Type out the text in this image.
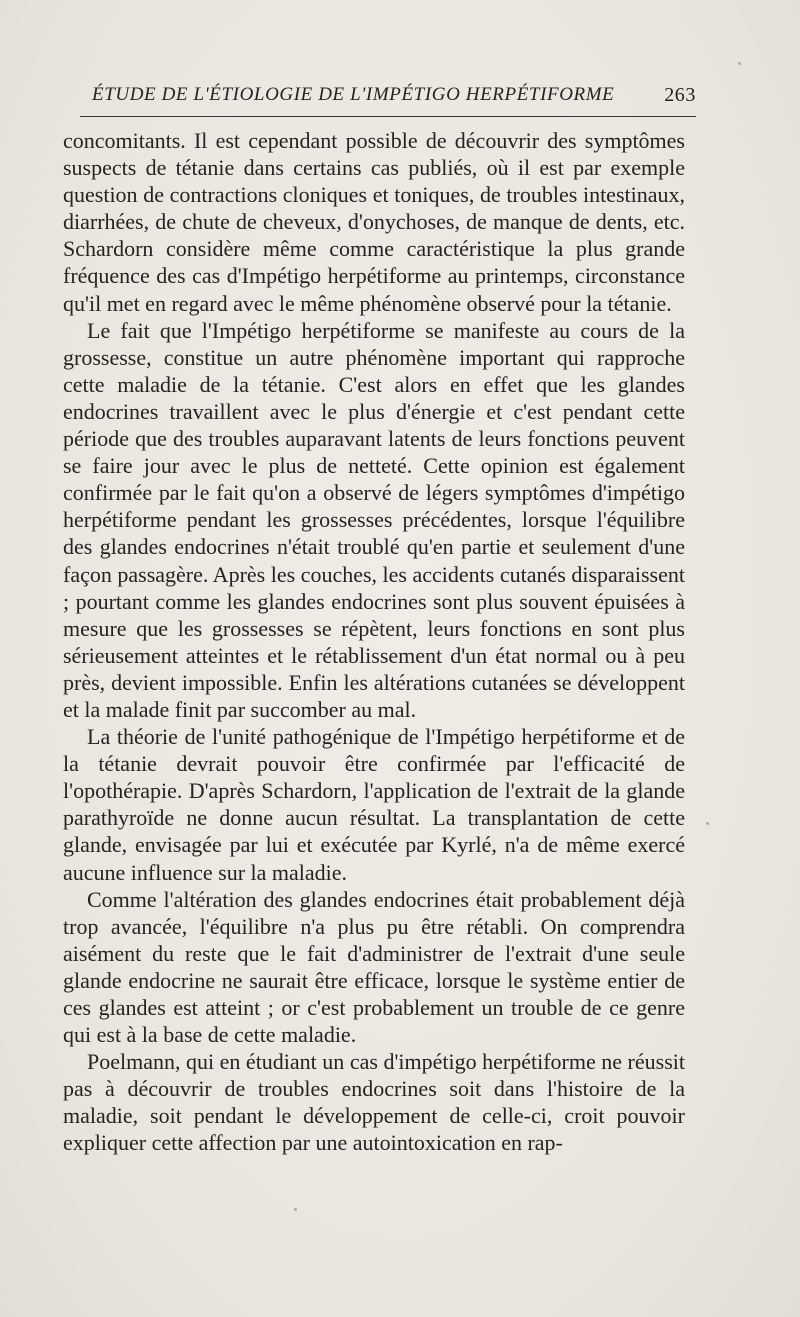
ÉTUDE DE L'ÉTIOLOGIE DE L'IMPÉTIGO HERPÉTIFORME 263

concomitants. Il est cependant possible de découvrir des symptômes suspects de tétanie dans certains cas publiés, où il est par exemple question de contractions cloniques et toniques, de troubles intestinaux, diarrhées, de chute de cheveux, d'onychoses, de manque de dents, etc. Schardorn considère même comme caractéristique la plus grande fréquence des cas d'Impétigo herpétiforme au printemps, circonstance qu'il met en regard avec le même phénomène observé pour la tétanie.

Le fait que l'Impétigo herpétiforme se manifeste au cours de la grossesse, constitue un autre phénomène important qui rapproche cette maladie de la tétanie. C'est alors en effet que les glandes endocrines travaillent avec le plus d'énergie et c'est pendant cette période que des troubles auparavant latents de leurs fonctions peuvent se faire jour avec le plus de netteté. Cette opinion est également confirmée par le fait qu'on a observé de légers symptômes d'impétigo herpétiforme pendant les grossesses précédentes, lorsque l'équilibre des glandes endocrines n'était troublé qu'en partie et seulement d'une façon passagère. Après les couches, les accidents cutanés disparaissent ; pourtant comme les glandes endocrines sont plus souvent épuisées à mesure que les grossesses se répètent, leurs fonctions en sont plus sérieusement atteintes et le rétablissement d'un état normal ou à peu près, devient impossible. Enfin les altérations cutanées se développent et la malade finit par succomber au mal.

La théorie de l'unité pathogénique de l'Impétigo herpétiforme et de la tétanie devrait pouvoir être confirmée par l'efficacité de l'opothérapie. D'après Schardorn, l'application de l'extrait de la glande parathyroïde ne donne aucun résultat. La transplantation de cette glande, envisagée par lui et exécutée par Kyrlé, n'a de même exercé aucune influence sur la maladie.

Comme l'altération des glandes endocrines était probablement déjà trop avancée, l'équilibre n'a plus pu être rétabli. On comprendra aisément du reste que le fait d'administrer de l'extrait d'une seule glande endocrine ne saurait être efficace, lorsque le système entier de ces glandes est atteint ; or c'est probablement un trouble de ce genre qui est à la base de cette maladie.

Poelmann, qui en étudiant un cas d'impétigo herpétiforme ne réussit pas à découvrir de troubles endocrines soit dans l'histoire de la maladie, soit pendant le développement de celle-ci, croit pouvoir expliquer cette affection par une autointoxication en rap-
